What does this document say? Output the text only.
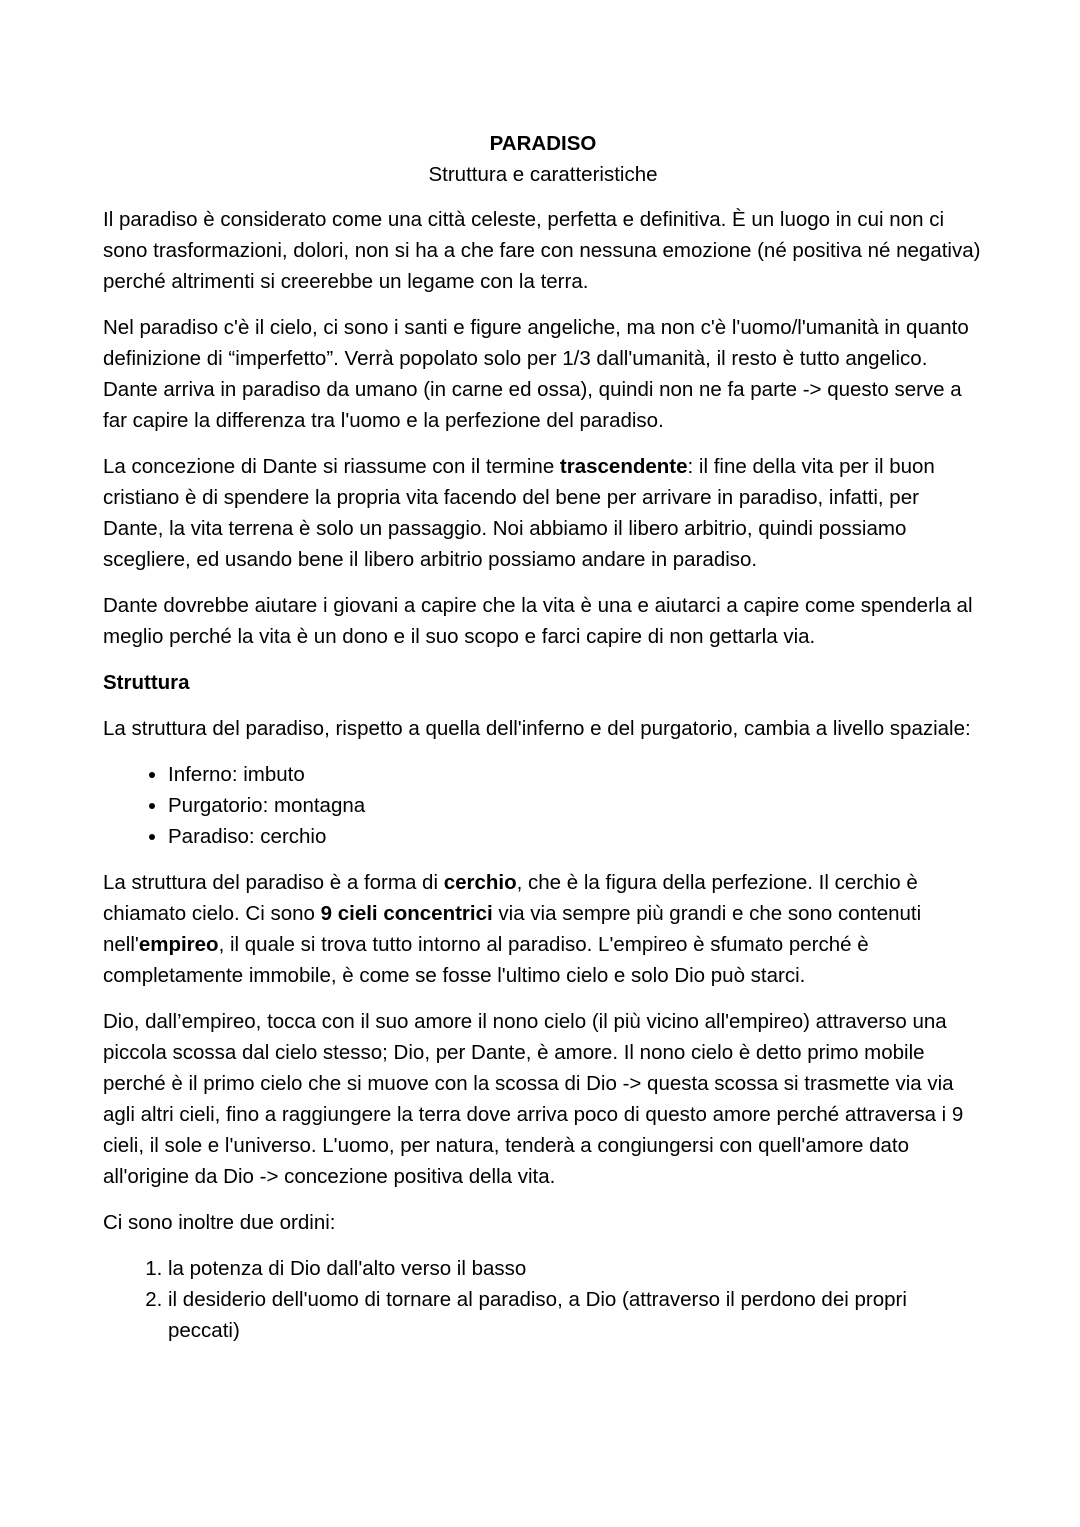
PARADISO
Struttura e caratteristiche

Il paradiso è considerato come una città celeste, perfetta e definitiva. È un luogo in cui non ci sono trasformazioni, dolori, non si ha a che fare con nessuna emozione (né positiva né negativa) perché altrimenti si creerebbe un legame con la terra.

Nel paradiso c'è il cielo, ci sono i santi e figure angeliche, ma non c'è l'uomo/l'umanità in quanto definizione di “imperfetto”. Verrà popolato solo per 1/3 dall'umanità, il resto è tutto angelico. Dante arriva in paradiso da umano (in carne ed ossa), quindi non ne fa parte -> questo serve a far capire la differenza tra l'uomo e la perfezione del paradiso.

La concezione di Dante si riassume con il termine trascendente: il fine della vita per il buon cristiano è di spendere la propria vita facendo del bene per arrivare in paradiso, infatti, per Dante, la vita terrena è solo un passaggio. Noi abbiamo il libero arbitrio, quindi possiamo scegliere, ed usando bene il libero arbitrio possiamo andare in paradiso.

Dante dovrebbe aiutare i giovani a capire che la vita è una e aiutarci a capire come spenderla al meglio perché la vita è un dono e il suo scopo e farci capire di non gettarla via.

Struttura

La struttura del paradiso, rispetto a quella dell'inferno e del purgatorio, cambia a livello spaziale:

• Inferno: imbuto
• Purgatorio: montagna
• Paradiso: cerchio

La struttura del paradiso è a forma di cerchio, che è la figura della perfezione. Il cerchio è chiamato cielo. Ci sono 9 cieli concentrici via via sempre più grandi e che sono contenuti nell'empireo, il quale si trova tutto intorno al paradiso. L'empireo è sfumato perché è completamente immobile, è come se fosse l'ultimo cielo e solo Dio può starci.

Dio, dall’empireo, tocca con il suo amore il nono cielo (il più vicino all'empireo) attraverso una piccola scossa dal cielo stesso; Dio, per Dante, è amore. Il nono cielo è detto primo mobile perché è il primo cielo che si muove con la scossa di Dio -> questa scossa si trasmette via via agli altri cieli, fino a raggiungere la terra dove arriva poco di questo amore perché attraversa i 9 cieli, il sole e l'universo. L'uomo, per natura, tenderà a congiungersi con quell'amore dato all'origine da Dio -> concezione positiva della vita.

Ci sono inoltre due ordini:

1. la potenza di Dio dall'alto verso il basso
2. il desiderio dell'uomo di tornare al paradiso, a Dio (attraverso il perdono dei propri peccati)
